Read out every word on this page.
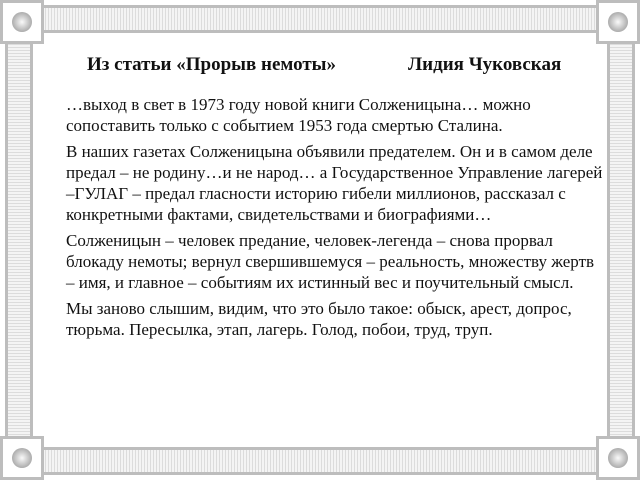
Из статьи «Прорыв немоты»	Лидия Чуковская

…выход в свет в 1973 году новой книги Солженицына… можно сопоставить только с событием 1953 года смертью Сталина.

В наших газетах Солженицына объявили предателем. Он и в самом деле предал – не родину…и не народ… а Государственное Управление лагерей –ГУЛАГ – предал гласности историю гибели миллионов, рассказал с конкретными фактами, свидетельствами и биографиями…

Солженицын – человек предание, человек-легенда – снова прорвал блокаду немоты; вернул свершившемуся – реальность, множеству жертв – имя, и главное – событиям их истинный вес и поучительный смысл.

Мы заново слышим, видим, что это было такое: обыск, арест, допрос, тюрьма. Пересылка, этап, лагерь. Голод, побои, труд, труп.
